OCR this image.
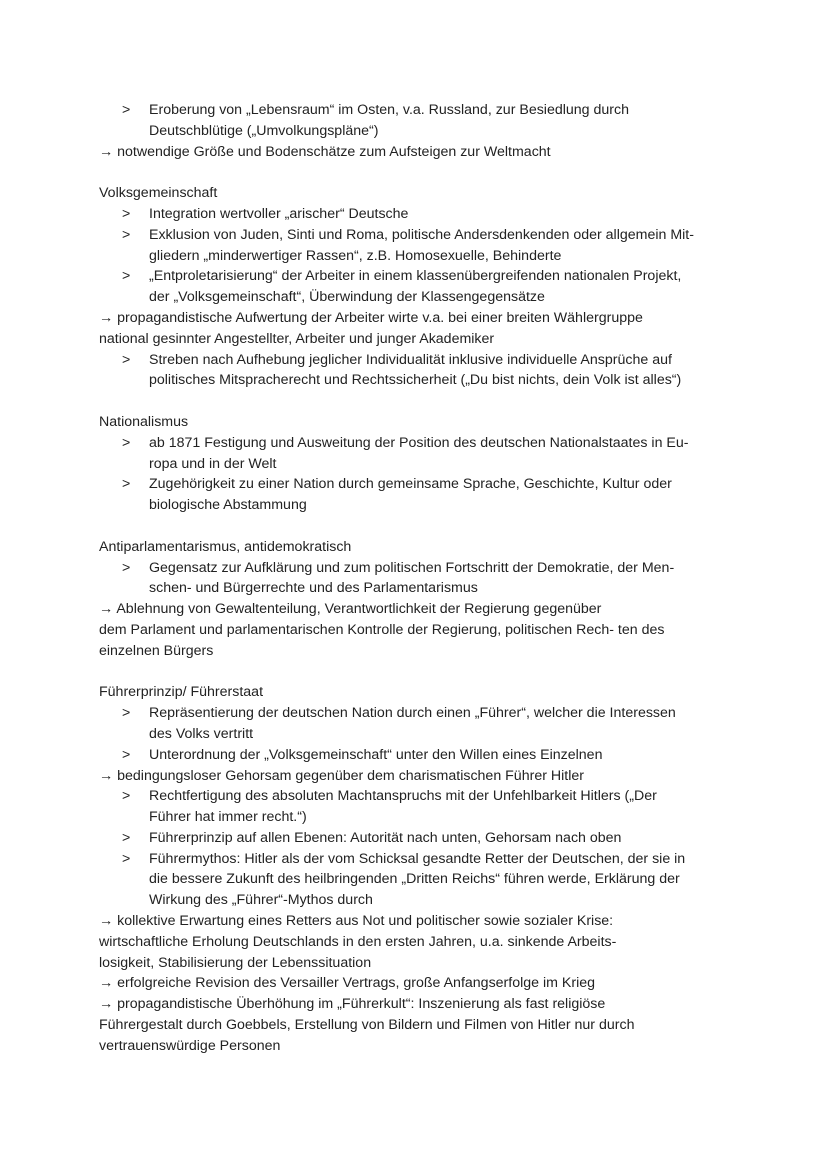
> Eroberung von „Lebensraum“ im Osten, v.a. Russland, zur Besiedlung durch
Deutschblütige („Umvolkungspläne“)
→ notwendige Größe und Bodenschätze zum Aufsteigen zur Weltmacht
Volksgemeinschaft
> Integration wertvoller „arischer“ Deutsche
> Exklusion von Juden, Sinti und Roma, politische Andersdenkenden oder allgemein Mit-
gliedern „minderwertiger Rassen“, z.B. Homosexuelle, Behinderte
> „Entproletarisierung“ der Arbeiter in einem klassenübergreifenden nationalen Projekt,
der „Volksgemeinschaft“, Überwindung der Klassengegensätze
→ propagandistische Aufwertung der Arbeiter wirte v.a. bei einer breiten Wählergruppe
national gesinnter Angestellter, Arbeiter und junger Akademiker
> Streben nach Aufhebung jeglicher Individualität inklusive individuelle Ansprüche auf
politisches Mitspracherecht und Rechtssicherheit („Du bist nichts, dein Volk ist alles“)
Nationalismus
> ab 1871 Festigung und Ausweitung der Position des deutschen Nationalstaates in Eu-
ropa und in der Welt
> Zugehörigkeit zu einer Nation durch gemeinsame Sprache, Geschichte, Kultur oder
biologische Abstammung
Antiparlamentarismus, antidemokratisch
> Gegensatz zur Aufklärung und zum politischen Fortschritt der Demokratie, der Men-
schen- und Bürgerrechte und des Parlamentarismus
→ Ablehnung von Gewaltenteilung, Verantwortlichkeit der Regierung gegenüber
dem Parlament und parlamentarischen Kontrolle der Regierung, politischen Rech- ten des
einzelnen Bürgers
Führerprinzip/ Führerstaat
> Repräsentierung der deutschen Nation durch einen „Führer“, welcher die Interessen
des Volks vertritt
> Unterordnung der „Volksgemeinschaft“ unter den Willen eines Einzelnen
→ bedingungsloser Gehorsam gegenüber dem charismatischen Führer Hitler
> Rechtfertigung des absoluten Machtanspruchs mit der Unfehlbarkeit Hitlers („Der
Führer hat immer recht.“)
> Führerprinzip auf allen Ebenen: Autorität nach unten, Gehorsam nach oben
> Führermythos: Hitler als der vom Schicksal gesandte Retter der Deutschen, der sie in
die bessere Zukunft des heilbringenden „Dritten Reichs“ führen werde, Erklärung der
Wirkung des „Führer“-Mythos durch
→ kollektive Erwartung eines Retters aus Not und politischer sowie sozialer Krise:
wirtschaftliche Erholung Deutschlands in den ersten Jahren, u.a. sinkende Arbeits-
losigkeit, Stabilisierung der Lebenssituation
→ erfolgreiche Revision des Versailler Vertrags, große Anfangserfolge im Krieg
→ propagandistische Überhöhung im „Führerkult“: Inszenierung als fast religiöse
Führergestalt durch Goebbels, Erstellung von Bildern und Filmen von Hitler nur durch
vertrauenswürdige Personen
